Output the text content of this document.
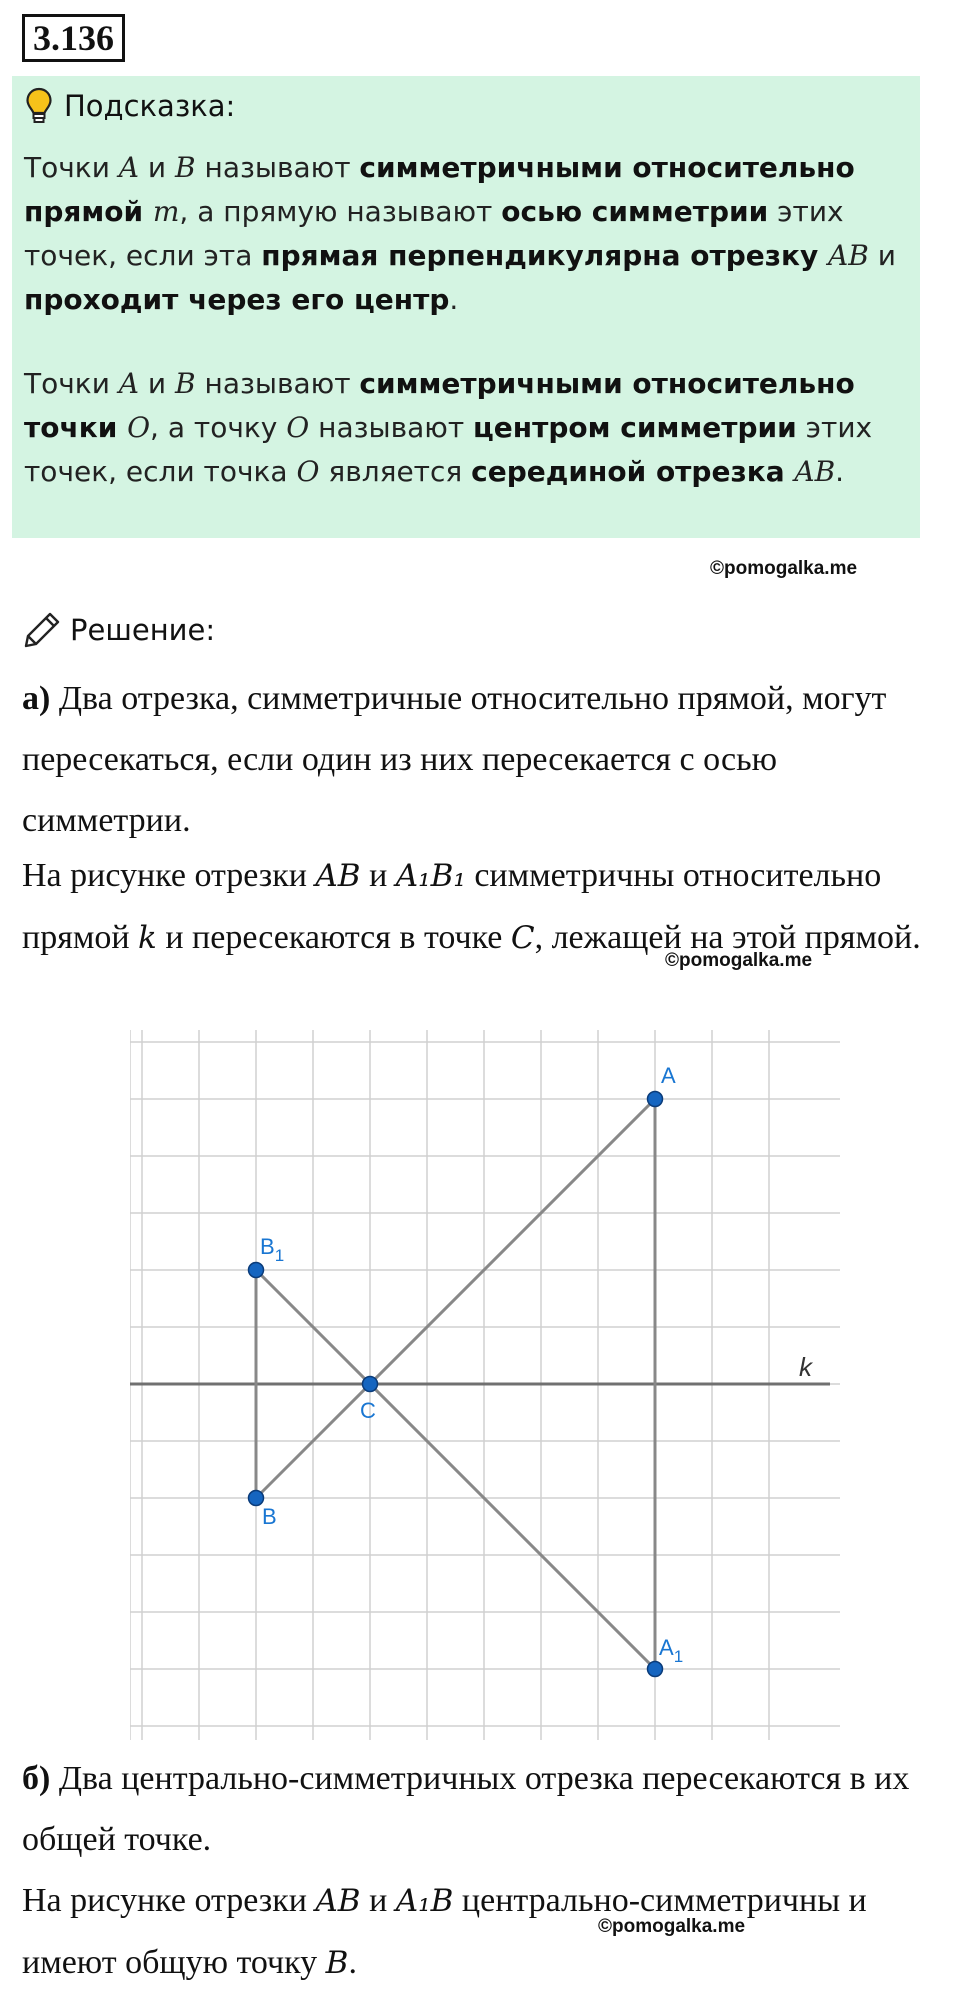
3.136
Подсказка:

Точки A и B называют симметричными относительно прямой m, а прямую называют осью симметрии этих точек, если эта прямая перпендикулярна отрезку AB и проходит через его центр.

Точки A и B называют симметричными относительно точки O, а точку O называют центром симметрии этих точек, если точка O является серединой отрезка AB.

©pomogalka.me
Решение:

а) Два отрезка, симметричные относительно прямой, могут пересекаться, если один из них пересекается с осью симметрии.

На рисунке отрезки AB и A₁B₁ симметричны относительно прямой k и пересекаются в точке C, лежащей на этой прямой.

©pomogalka.me
k
A
$B_1$
C
B
$A_1$

б) Два центрально-симметричных отрезка пересекаются в их общей точке.

На рисунке отрезки AB и A₁B центрально-симметричны и имеют общую точку B.

©pomogalka.me
